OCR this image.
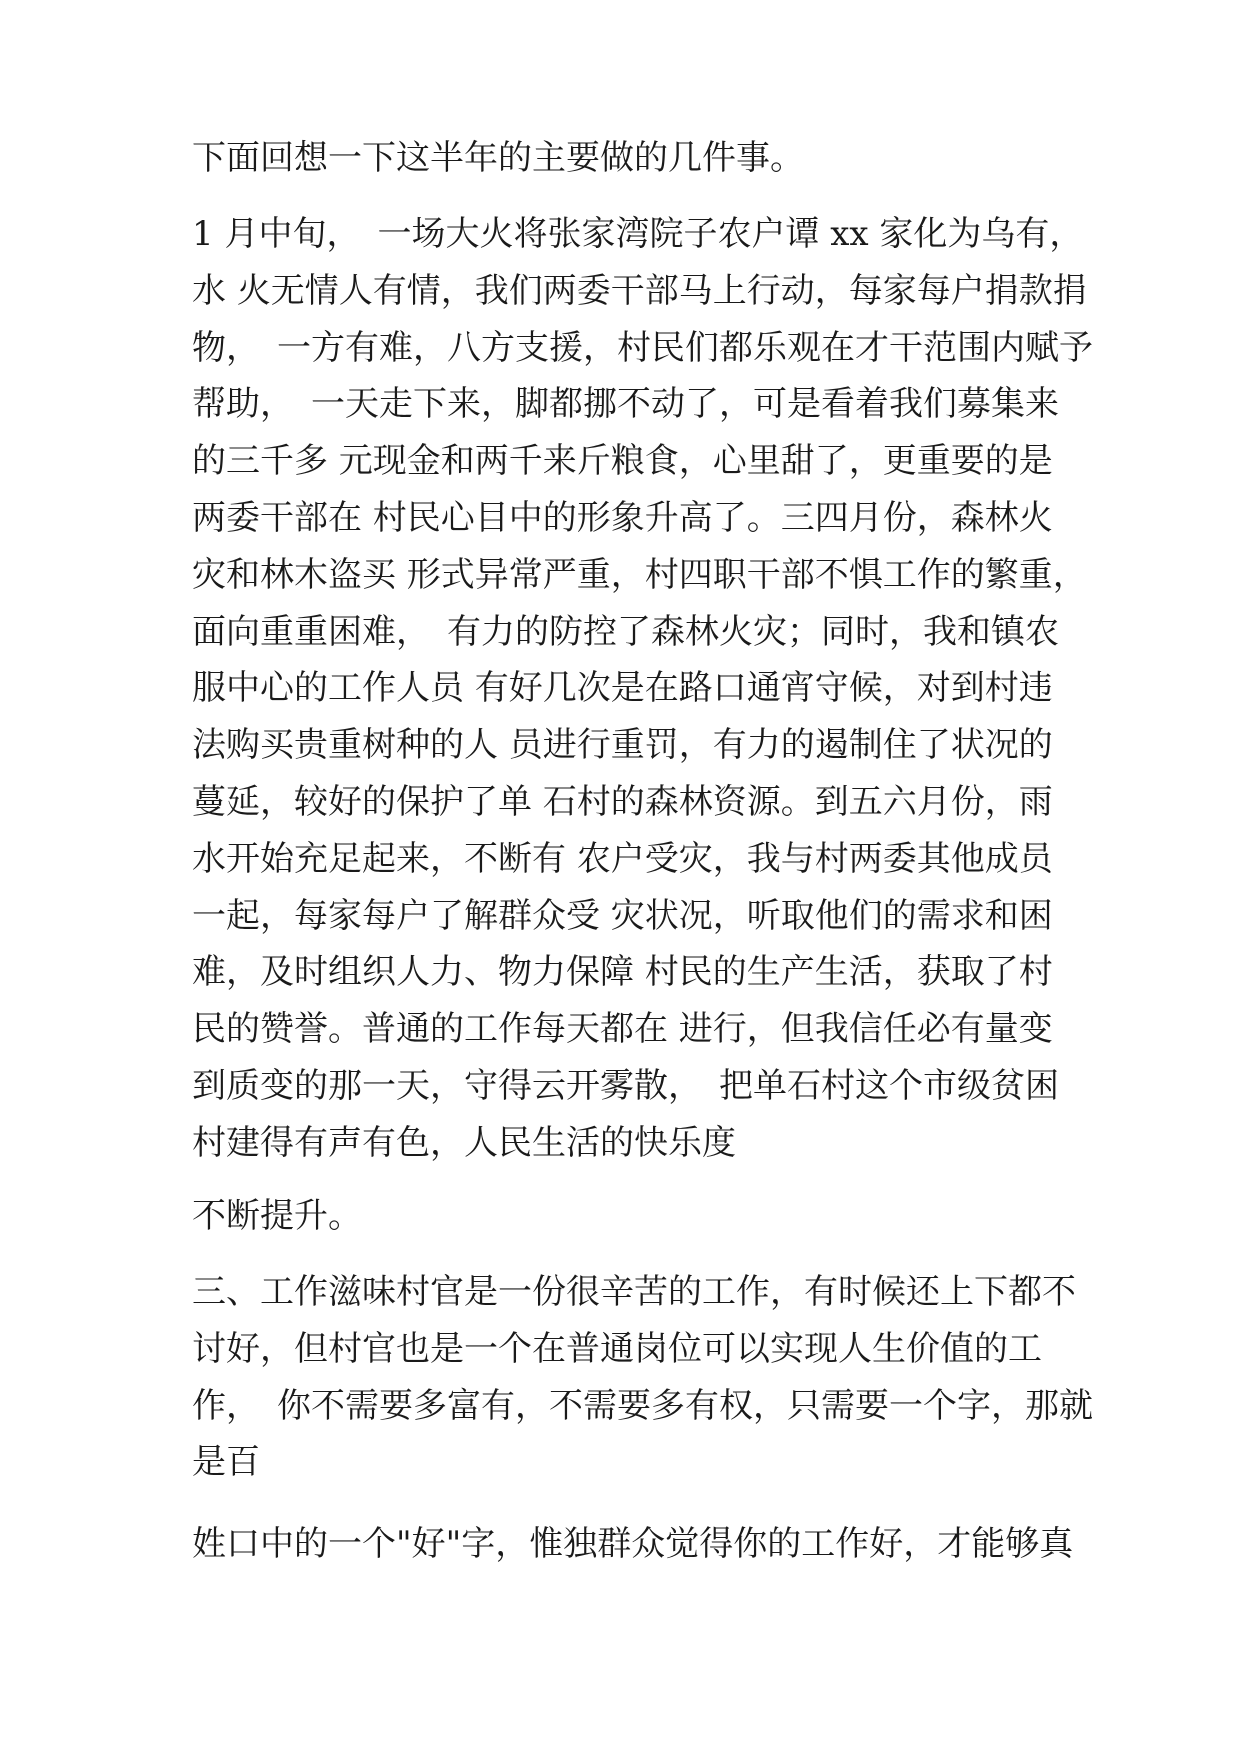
下面回想一下这半年的主要做的几件事。

1 月中旬，　一场大火将张家湾院子农户谭 xx 家化为乌有，
水 火无情人有情，我们两委干部马上行动，每家每户捐款捐
物，　一方有难，八方支援，村民们都乐观在才干范围内赋予
帮助，　一天走下来，脚都挪不动了，可是看着我们募集来
的三千多 元现金和两千来斤粮食，心里甜了，更重要的是
两委干部在 村民心目中的形象升高了。三四月份，森林火
灾和林木盗买 形式异常严重，村四职干部不惧工作的繁重，
面向重重困难，　有力的防控了森林火灾；同时，我和镇农
服中心的工作人员 有好几次是在路口通宵守候，对到村违
法购买贵重树种的人 员进行重罚，有力的遏制住了状况的
蔓延，较好的保护了单 石村的森林资源。到五六月份，雨
水开始充足起来，不断有 农户受灾，我与村两委其他成员
一起，每家每户了解群众受 灾状况，听取他们的需求和困
难，及时组织人力、物力保障 村民的生产生活，获取了村
民的赞誉。普通的工作每天都在 进行，但我信任必有量变
到质变的那一天，守得云开雾散，　把单石村这个市级贫困
村建得有声有色，人民生活的快乐度

不断提升。

三、工作滋味村官是一份很辛苦的工作，有时候还上下都不
讨好，但村官也是一个在普通岗位可以实现人生价值的工
作，　你不需要多富有，不需要多有权，只需要一个字，那就
是百

姓口中的一个"好"字，惟独群众觉得你的工作好，才能够真
